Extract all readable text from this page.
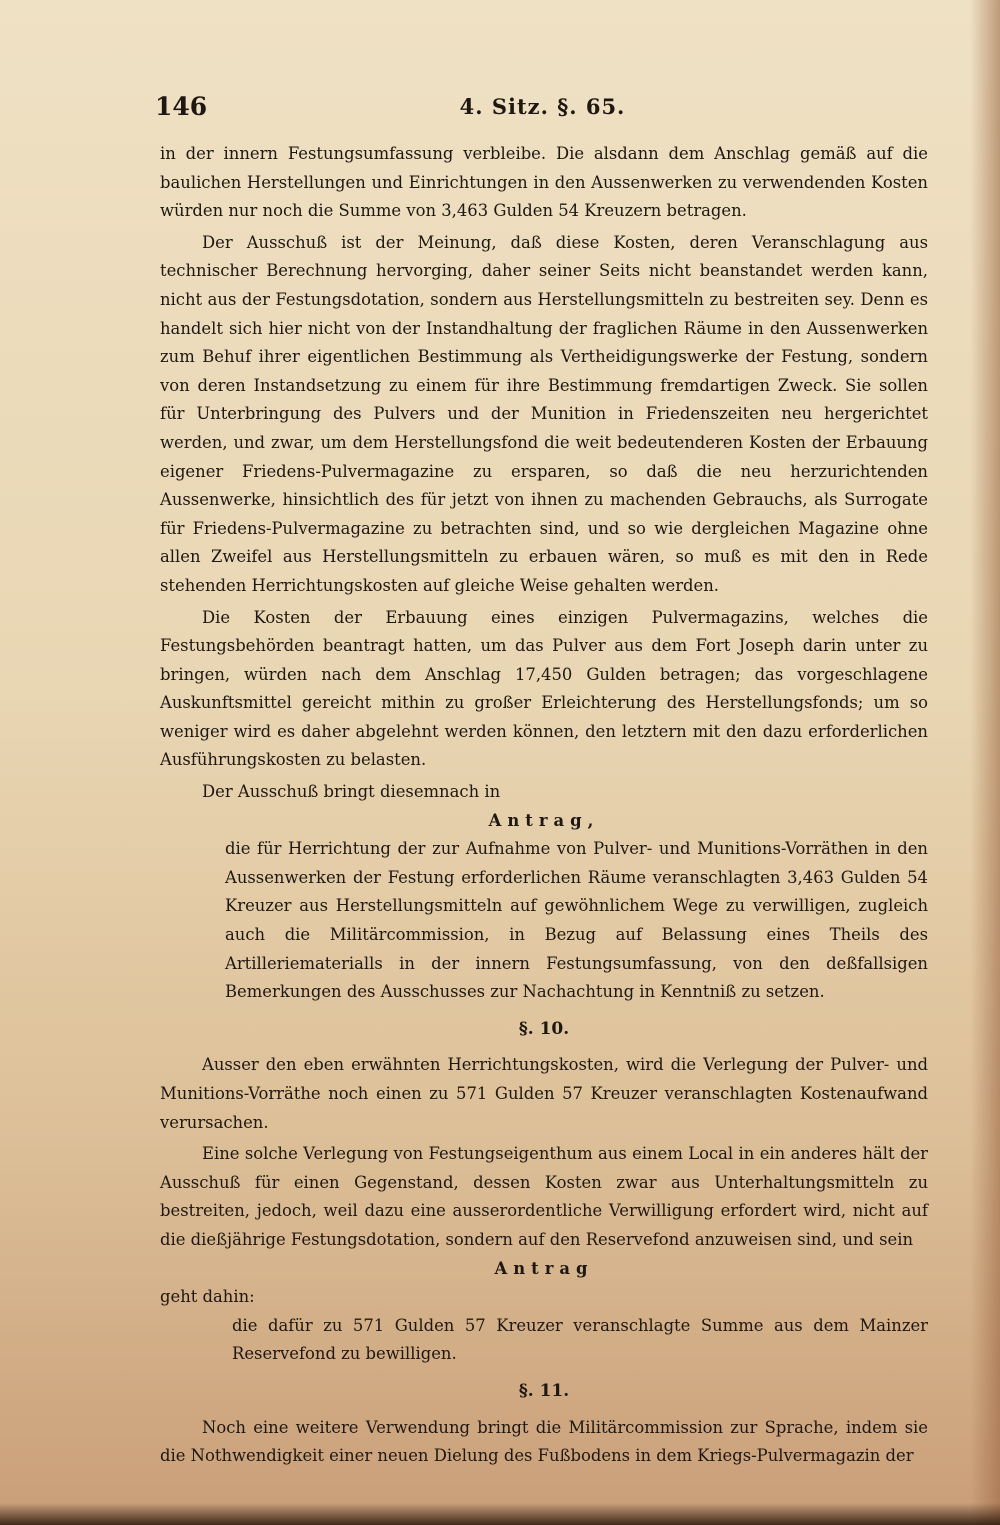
146	4. Sitz. §. 65.

in der innern Festungsumfassung verbleibe. Die alsdann dem Anschlag gemäß auf die baulichen Herstellungen und Einrichtungen in den Aussenwerken zu verwendenden Kosten würden nur noch die Summe von 3,463 Gulden 54 Kreuzern betragen.

Der Ausschuß ist der Meinung, daß diese Kosten, deren Veranschlagung aus technischer Berechnung hervorging, daher seiner Seits nicht beanstandet werden kann, nicht aus der Festungsdotation, sondern aus Herstellungsmitteln zu bestreiten sey. Denn es handelt sich hier nicht von der Instandhaltung der fraglichen Räume in den Aussenwerken zum Behuf ihrer eigentlichen Bestimmung als Vertheidigungswerke der Festung, sondern von deren Instandsetzung zu einem für ihre Bestimmung fremdartigen Zweck. Sie sollen für Unterbringung des Pulvers und der Munition in Friedenszeiten neu hergerichtet werden, und zwar, um dem Herstellungsfond die weit bedeutenderen Kosten der Erbauung eigener Friedens-Pulvermagazine zu ersparen, so daß die neu herzurichtenden Aussenwerke, hinsichtlich des für jetzt von ihnen zu machenden Gebrauchs, als Surrogate für Friedens-Pulvermagazine zu betrachten sind, und so wie dergleichen Magazine ohne allen Zweifel aus Herstellungsmitteln zu erbauen wären, so muß es mit den in Rede stehenden Herrichtungskosten auf gleiche Weise gehalten werden.

Die Kosten der Erbauung eines einzigen Pulvermagazins, welches die Festungsbehörden beantragt hatten, um das Pulver aus dem Fort Joseph darin unter zu bringen, würden nach dem Anschlag 17,450 Gulden betragen; das vorgeschlagene Auskunftsmittel gereicht mithin zu großer Erleichterung des Herstellungsfonds; um so weniger wird es daher abgelehnt werden können, den letztern mit den dazu erforderlichen Ausführungskosten zu belasten.

Der Ausschuß bringt diesemnach in

Antrag,

die für Herrichtung der zur Aufnahme von Pulver- und Munitions-Vorräthen in den Aussenwerken der Festung erforderlichen Räume veranschlagten 3,463 Gulden 54 Kreuzer aus Herstellungsmitteln auf gewöhnlichem Wege zu verwilligen, zugleich auch die Militärcommission, in Bezug auf Belassung eines Theils des Artilleriematerialls in der innern Festungsumfassung, von den deßfallsigen Bemerkungen des Ausschusses zur Nachachtung in Kenntniß zu setzen.

§. 10.

Ausser den eben erwähnten Herrichtungskosten, wird die Verlegung der Pulver- und Munitions-Vorräthe noch einen zu 571 Gulden 57 Kreuzer veranschlagten Kostenaufwand verursachen.

Eine solche Verlegung von Festungseigenthum aus einem Local in ein anderes hält der Ausschuß für einen Gegenstand, dessen Kosten zwar aus Unterhaltungsmitteln zu bestreiten, jedoch, weil dazu eine ausserordentliche Verwilligung erfordert wird, nicht auf die dießjährige Festungsdotation, sondern auf den Reservefond anzuweisen sind, und sein

Antrag

geht dahin:

die dafür zu 571 Gulden 57 Kreuzer veranschlagte Summe aus dem Mainzer Reservefond zu bewilligen.

§. 11.

Noch eine weitere Verwendung bringt die Militärcommission zur Sprache, indem sie die Nothwendigkeit einer neuen Dielung des Fußbodens in dem Kriegs-Pulvermagazin der
